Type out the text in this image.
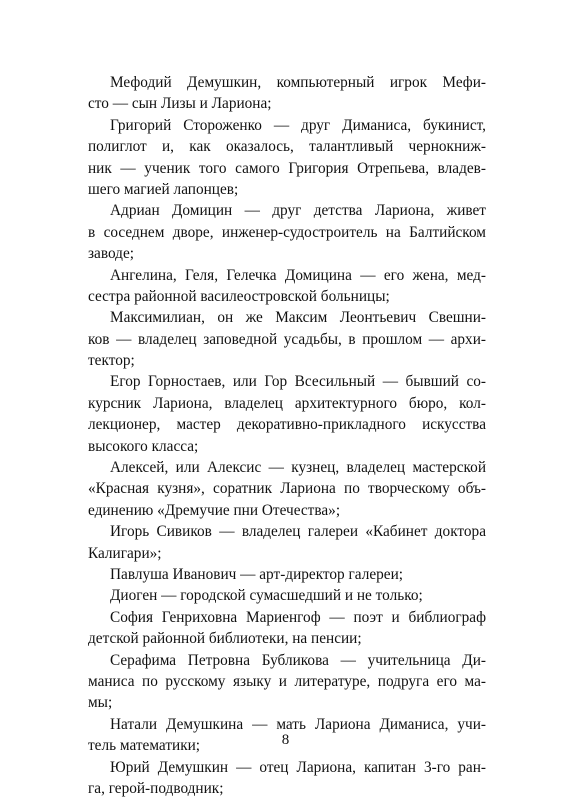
Мефодий Демушкин, компьютерный игрок Мефи-
сто — сын Лизы и Лариона;
Григорий Стороженко — друг Диманиса, букинист,
полиглот и, как оказалось, талантливый чернокниж-
ник — ученик того самого Григория Отрепьева, владев-
шего магией лапонцев;
Адриан Домицин — друг детства Лариона, живет
в соседнем дворе, инженер-судостроитель на Балтийском
заводе;
Ангелина, Геля, Гелечка Домицина — его жена, мед-
сестра районной василеостровской больницы;
Максимилиан, он же Максим Леонтьевич Свешни-
ков — владелец заповедной усадьбы, в прошлом — архи-
тектор;
Егор Горностаев, или Гор Всесильный — бывший со-
курсник Лариона, владелец архитектурного бюро, кол-
лекционер, мастер декоративно-прикладного искусства
высокого класса;
Алексей, или Алексис — кузнец, владелец мастерской
«Красная кузня», соратник Лариона по творческому объ-
единению «Дремучие пни Отечества»;
Игорь Сивиков — владелец галереи «Кабинет доктора
Калигари»;
Павлуша Иванович — арт-директор галереи;
Диоген — городской сумасшедший и не только;
София Генриховна Мариенгоф — поэт и библиограф
детской районной библиотеки, на пенсии;
Серафима Петровна Бубликова — учительница Ди-
маниса по русскому языку и литературе, подруга его ма-
мы;
Натали Демушкина — мать Лариона Диманиса, учи-
тель математики;
Юрий Демушкин — отец Лариона, капитан 3-го ран-
га, герой-подводник;
8
